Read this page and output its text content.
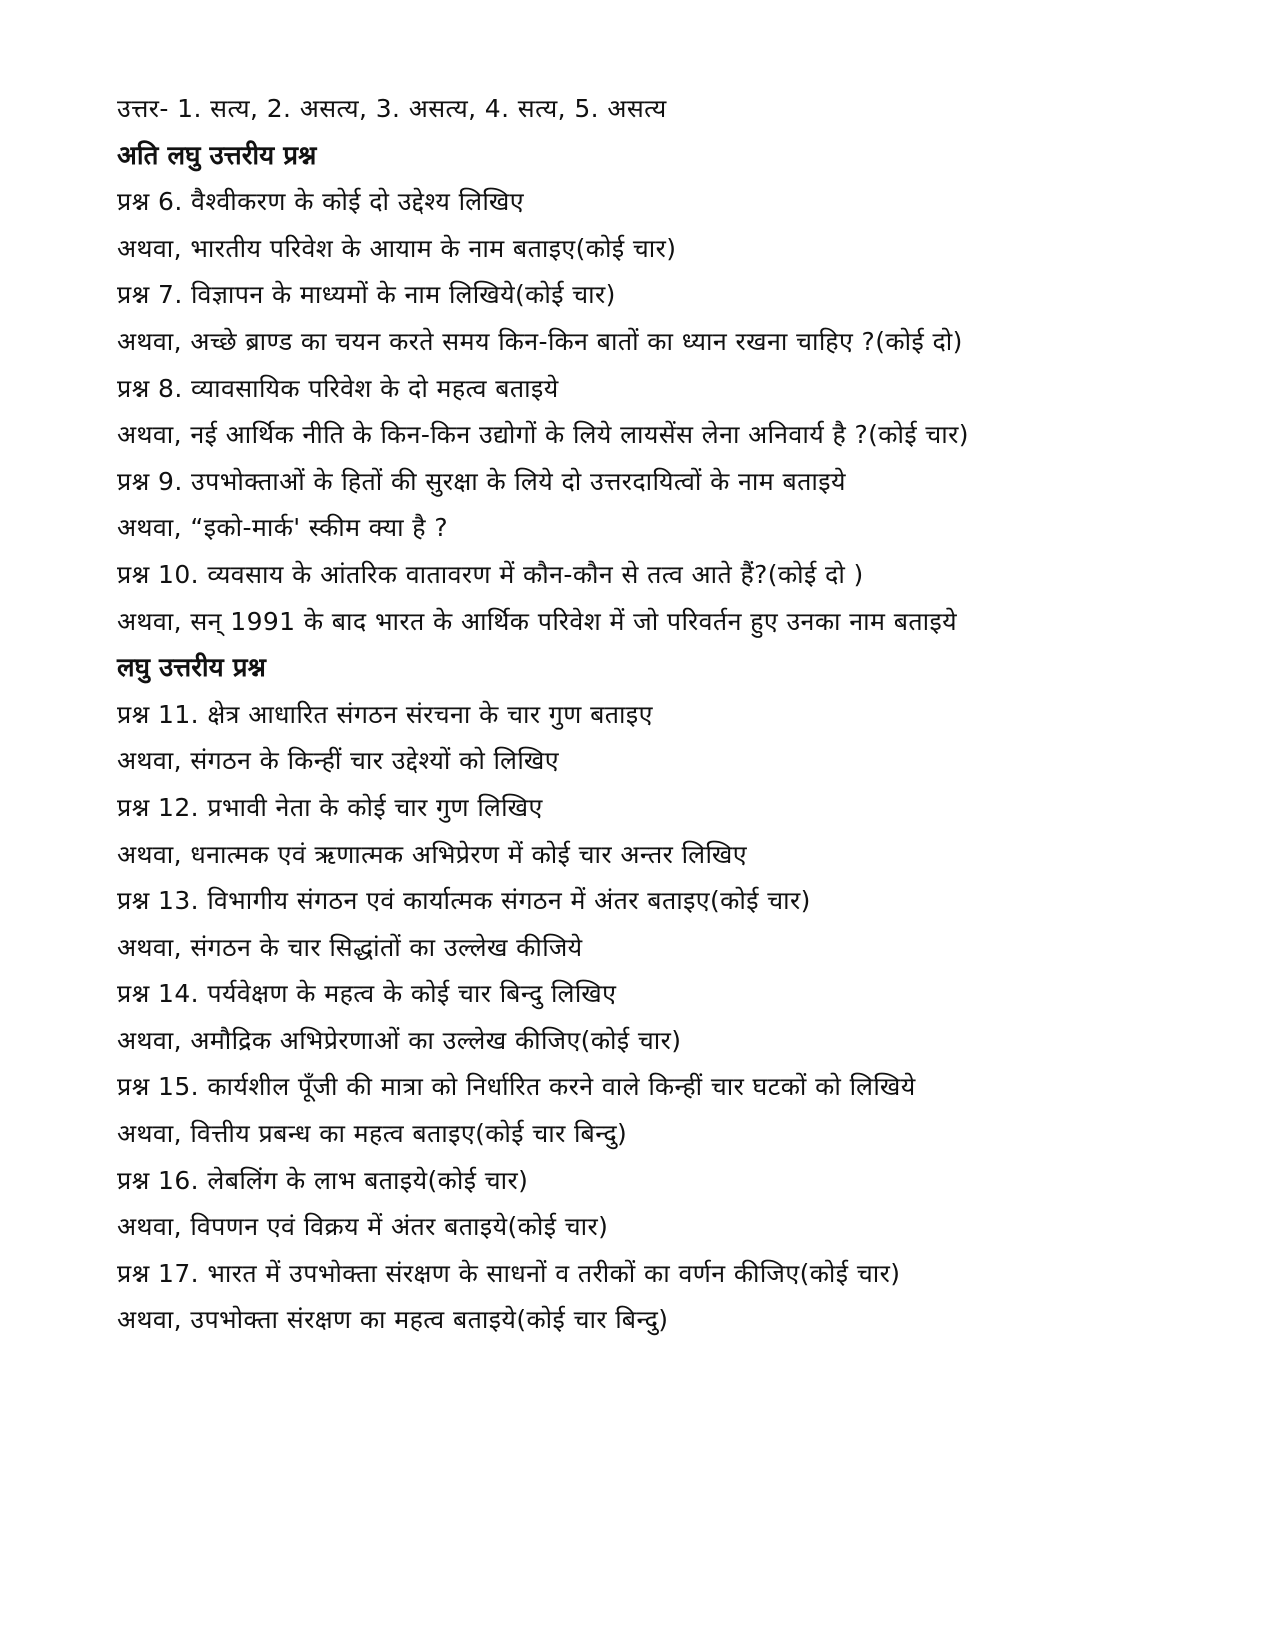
उत्तर- 1. सत्य, 2. असत्य, 3. असत्य, 4. सत्य, 5. असत्य
अति लघु उत्तरीय प्रश्न
प्रश्न 6. वैश्वीकरण के कोई दो उद्देश्य लिखिए
अथवा, भारतीय परिवेश के आयाम के नाम बताइए(कोई चार)
प्रश्न 7. विज्ञापन के माध्यमों के नाम लिखिये(कोई चार)
अथवा, अच्छे ब्राण्ड का चयन करते समय किन-किन बातों का ध्यान रखना चाहिए ?(कोई दो)
प्रश्न 8. व्यावसायिक परिवेश के दो महत्व बताइये
अथवा, नई आर्थिक नीति के किन-किन उद्योगों के लिये लायसेंस लेना अनिवार्य है ?(कोई चार)
प्रश्न 9. उपभोक्ताओं के हितों की सुरक्षा के लिये दो उत्तरदायित्वों के नाम बताइये
अथवा, “इको-मार्क' स्कीम क्या है ?
प्रश्न 10. व्यवसाय के आंतरिक वातावरण में कौन-कौन से तत्व आते हैं?(कोई दो )
अथवा, सन् 1991 के बाद भारत के आर्थिक परिवेश में जो परिवर्तन हुए उनका नाम बताइये
लघु उत्तरीय प्रश्न
प्रश्न 11. क्षेत्र आधारित संगठन संरचना के चार गुण बताइए
अथवा, संगठन के किन्हीं चार उद्देश्यों को लिखिए
प्रश्न 12. प्रभावी नेता के कोई चार गुण लिखिए
अथवा, धनात्मक एवं ऋणात्मक अभिप्रेरण में कोई चार अन्तर लिखिए
प्रश्न 13. विभागीय संगठन एवं कार्यात्मक संगठन में अंतर बताइए(कोई चार)
अथवा, संगठन के चार सिद्धांतों का उल्लेख कीजिये
प्रश्न 14. पर्यवेक्षण के महत्व के कोई चार बिन्दु लिखिए
अथवा, अमौद्रिक अभिप्रेरणाओं का उल्लेख कीजिए(कोई चार)
प्रश्न 15. कार्यशील पूँजी की मात्रा को निर्धारित करने वाले किन्हीं चार घटकों को लिखिये
अथवा, वित्तीय प्रबन्ध का महत्व बताइए(कोई चार बिन्दु)
प्रश्न 16. लेबलिंग के लाभ बताइये(कोई चार)
अथवा, विपणन एवं विक्रय में अंतर बताइये(कोई चार)
प्रश्न 17. भारत में उपभोक्ता संरक्षण के साधनों व तरीकों का वर्णन कीजिए(कोई चार)
अथवा, उपभोक्ता संरक्षण का महत्व बताइये(कोई चार बिन्दु)
